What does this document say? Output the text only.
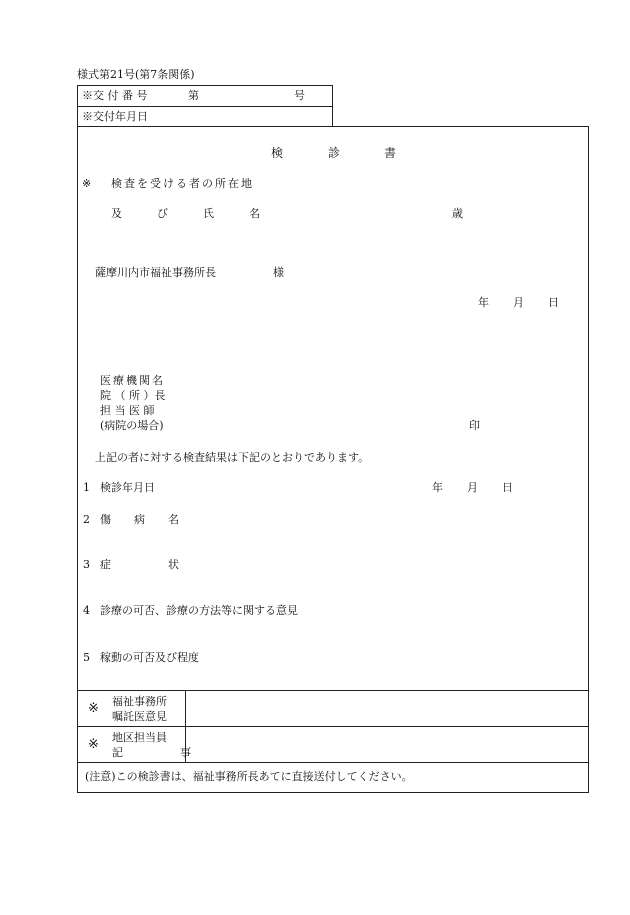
様式第21号(第7条関係)
※交 付 番 号	第	号
※交付年月日
検	診	書
※ 検査を受ける者の所在地
及	び	氏	名	歳
薩摩川内市福祉事務所長	様
年 月 日
医療機関名
院 （ 所 ）長
担 当 医 師
(病院の場合)	印
上記の者に対する検査結果は下記のとおりであります。
1 検診年月日	年 月 日
2 傷　病　名
3 症　　　状
4 診療の可否、診療の方法等に関する意見
5 稼動の可否及び程度
※ 福祉事務所
嘱託医意見
※ 地区担当員
記　　　事
(注意)この検診書は、福祉事務所長あてに直接送付してください。
